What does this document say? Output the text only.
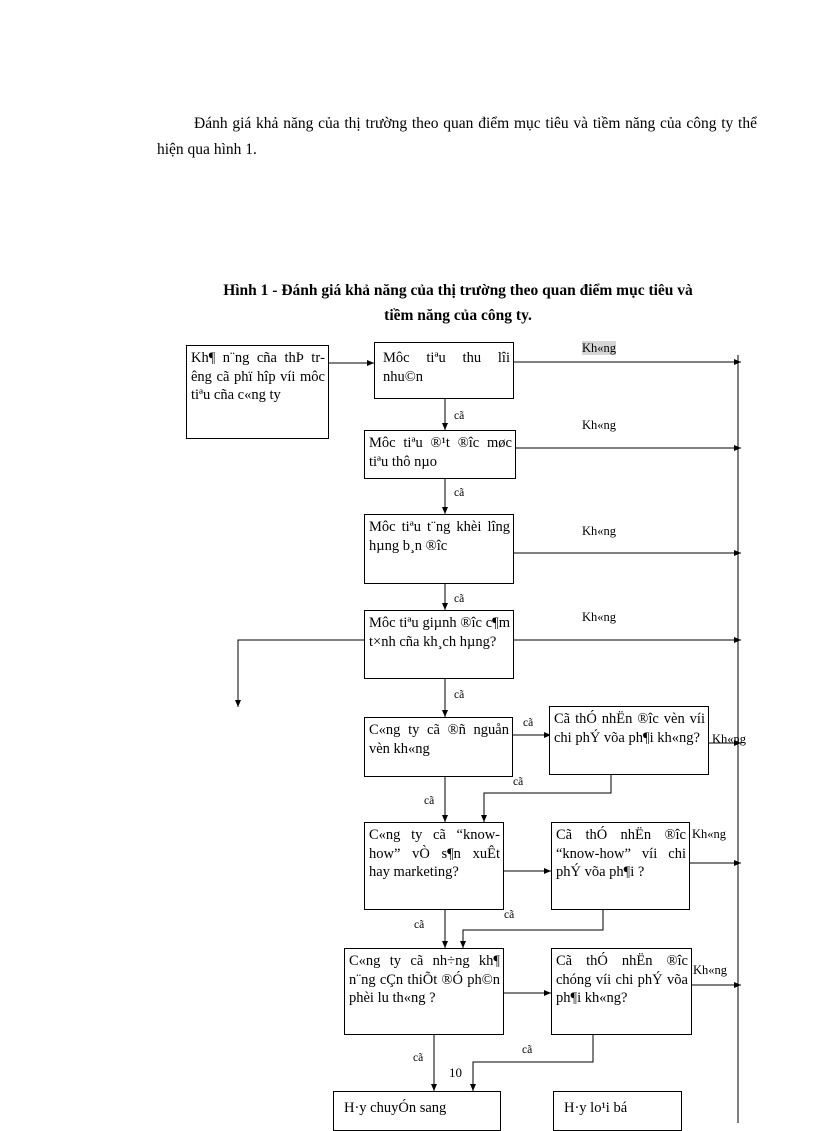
Đánh giá khả năng của thị trường theo quan điểm mục tiêu và tiềm năng của công ty thể hiện qua hình 1.

Hình 1 - Đánh giá khả năng của thị trường theo quan điểm mục tiêu và
tiềm năng của công ty.
Kh¶ n¨ng cña thÞ trêng cã phï hîp víi môc tiªu cña c«ng ty
Môc tiªu thu lîi nhu©n
Môc tiªu ®¹t ®îc møc tiªu thô nµo
Môc tiªu t¨ng khèi lîng hµng b¸n ®îc
Môc tiªu giµnh ®îc c¶m t×nh cña kh¸ch hµng?
C«ng ty cã ®ñ nguån vèn kh«ng
Cã thÓ nhËn ®îc vèn víi chi phÝ võa ph¶i kh«ng?
C«ng ty cã “know-how” vÒ s¶n xuÊt hay marketing?
Cã thÓ nhËn ®îc “know-how” víi chi phÝ võa ph¶i ?
C«ng ty cã nh÷ng kh¶ n¨ng cÇn thiÕt ®Ó ph©n phèi lu th«ng ?
Cã thÓ nhËn ®îc chóng víi chi phÝ võa ph¶i kh«ng?
H·y chuyÓn sang	H·y lo¹i bá
Kh«ng
Kh«ng
Kh«ng
Kh«ng
Kh«ng
Kh«ng
Kh«ng
cã
cã
cã
cã
cã
cã
cã
cã
cã
cã
cã
10
